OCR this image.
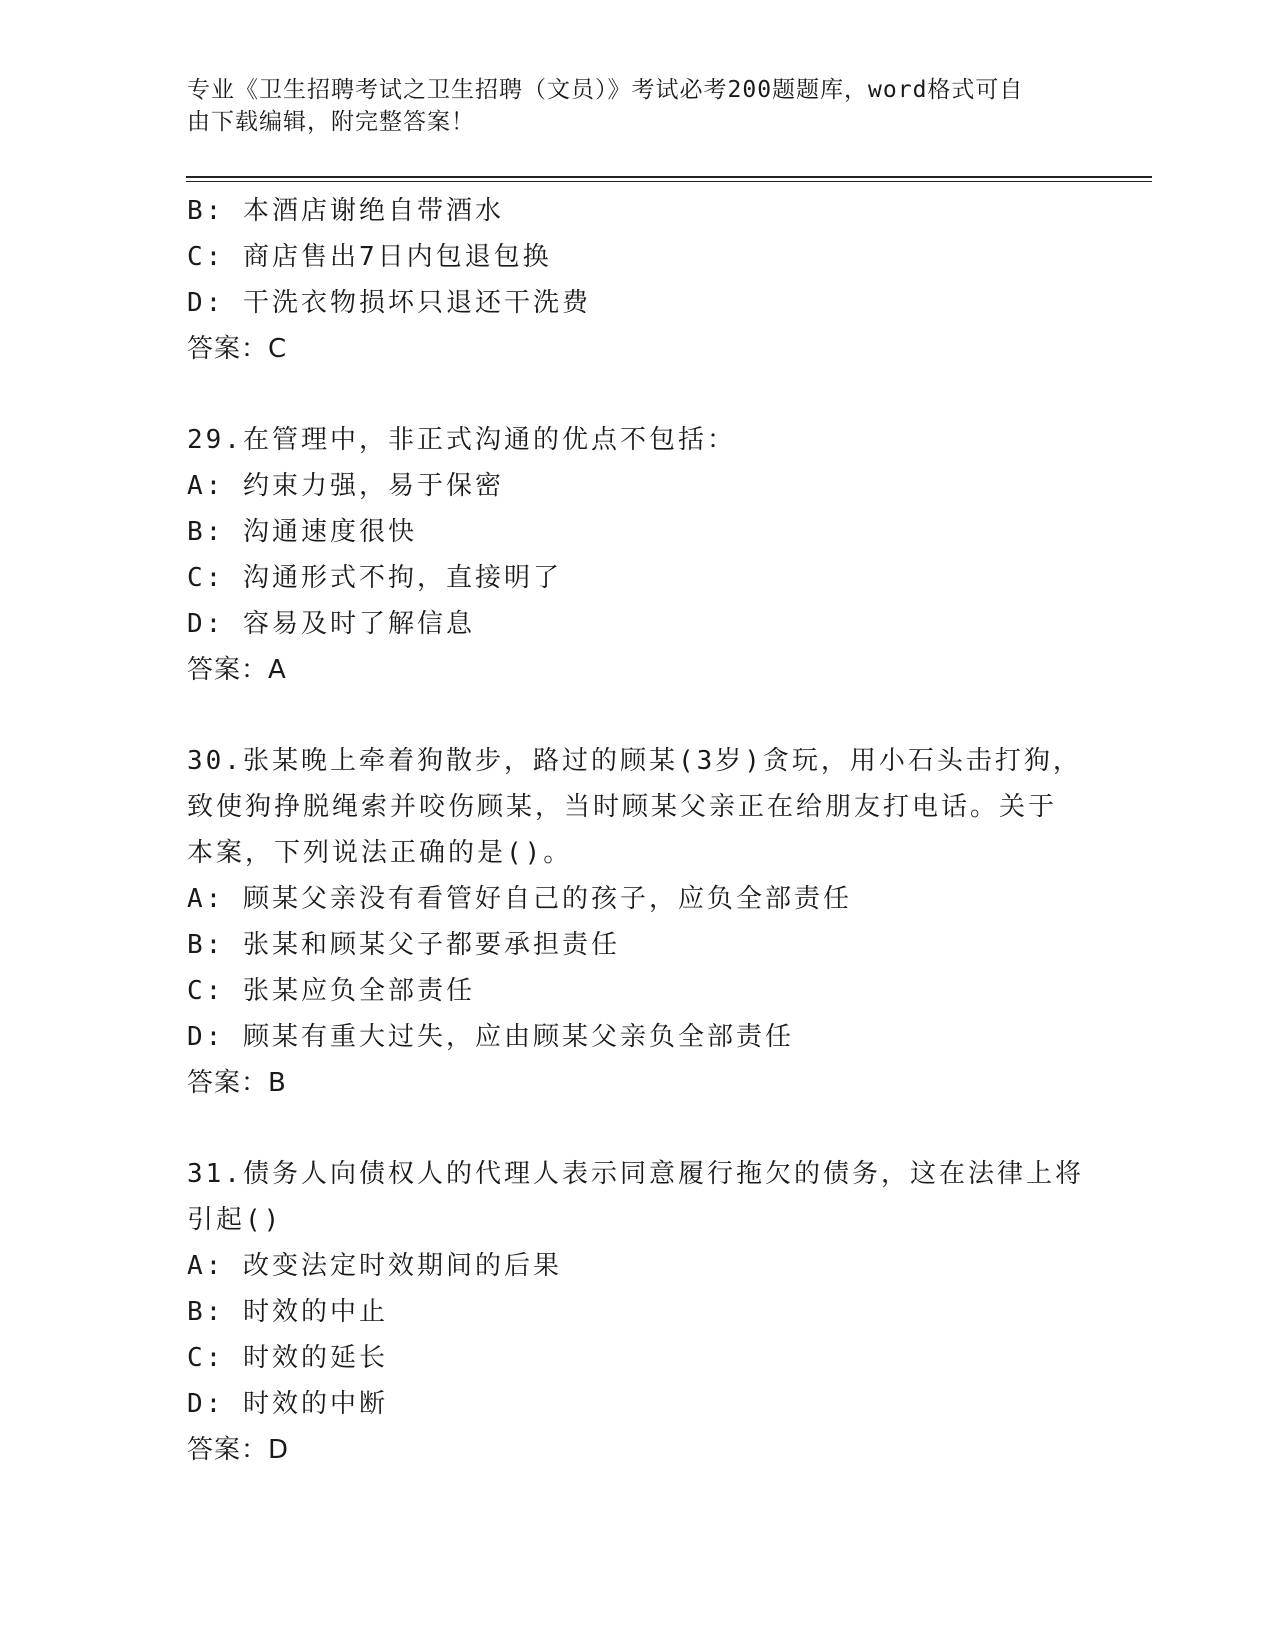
专业《卫生招聘考试之卫生招聘（文员）》考试必考200题题库，word格式可自
由下载编辑，附完整答案！
B: 本酒店谢绝自带酒水
C: 商店售出7日内包退包换
D: 干洗衣物损坏只退还干洗费
答案：C
29.在管理中，非正式沟通的优点不包括：
A: 约束力强，易于保密
B: 沟通速度很快
C: 沟通形式不拘，直接明了
D: 容易及时了解信息
答案：A
30.张某晚上牵着狗散步，路过的顾某(3岁)贪玩，用小石头击打狗，
致使狗挣脱绳索并咬伤顾某，当时顾某父亲正在给朋友打电话。关于
本案，下列说法正确的是()。
A: 顾某父亲没有看管好自己的孩子，应负全部责任
B: 张某和顾某父子都要承担责任
C: 张某应负全部责任
D: 顾某有重大过失，应由顾某父亲负全部责任
答案：B
31.债务人向债权人的代理人表示同意履行拖欠的债务，这在法律上将
引起()
A: 改变法定时效期间的后果
B: 时效的中止
C: 时效的延长
D: 时效的中断
答案：D
